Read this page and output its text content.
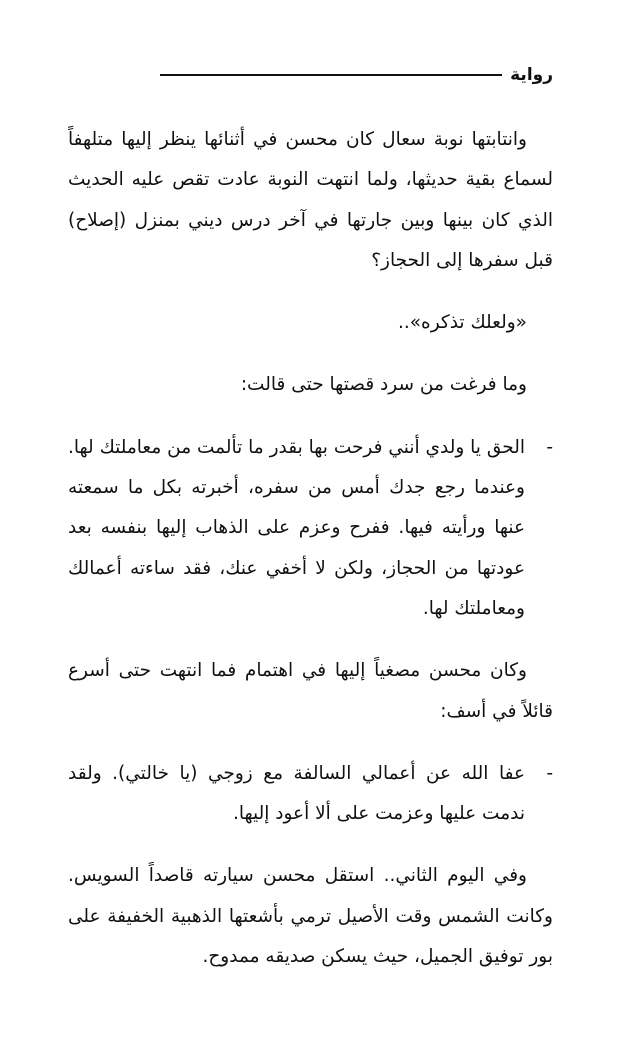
رواية

وانتابتها نوبة سعال كان محسن في أثنائها ينظر إليها متلهفاً لسماع بقية حديثها، ولما انتهت النوبة عادت تقص عليه الحديث الذي كان بينها وبين جارتها في آخر درس ديني بمنزل (إصلاح) قبل سفرها إلى الحجاز؟

«ولعلك تذكره»..

وما فرغت من سرد قصتها حتى قالت:

-
الحق يا ولدي أنني فرحت بها بقدر ما تألمت من معاملتك لها. وعندما رجع جدك أمس من سفره، أخبرته بكل ما سمعته عنها ورأيته فيها. ففرح وعزم على الذهاب إليها بنفسه بعد عودتها من الحجاز، ولكن لا أخفي عنك، فقد ساءته أعمالك ومعاملتك لها.

وكان محسن مصغياً إليها في اهتمام فما انتهت حتى أسرع قائلاً في أسف:

-
عفا الله عن أعمالي السالفة مع زوجي (يا خالتي). ولقد ندمت عليها وعزمت على ألا أعود إليها.

وفي اليوم الثاني.. استقل محسن سيارته قاصداً السويس. وكانت الشمس وقت الأصيل ترمي بأشعتها الذهبية الخفيفة على بور توفيق الجميل، حيث يسكن صديقه ممدوح.
